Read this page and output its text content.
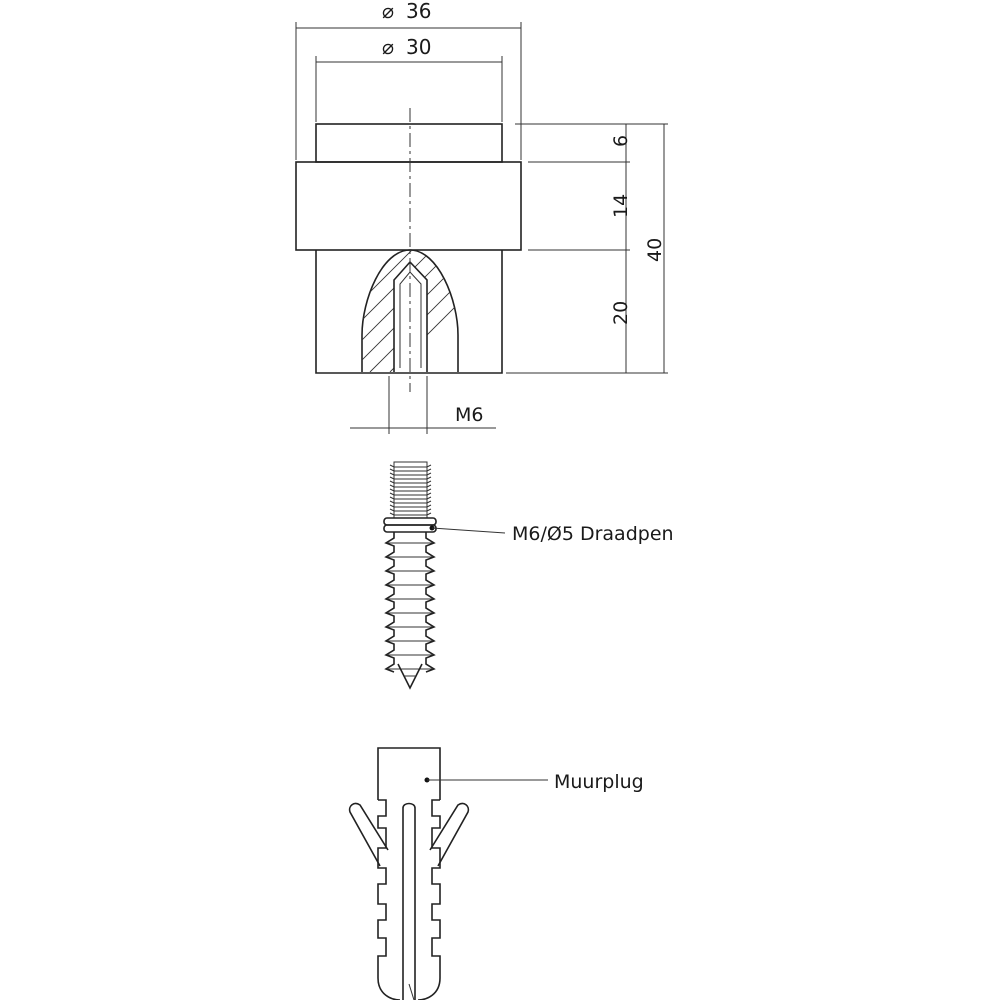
⌀ 36
⌀ 30
6
14
20
40
M6
M6/Ø5 Draadpen
Muurplug
